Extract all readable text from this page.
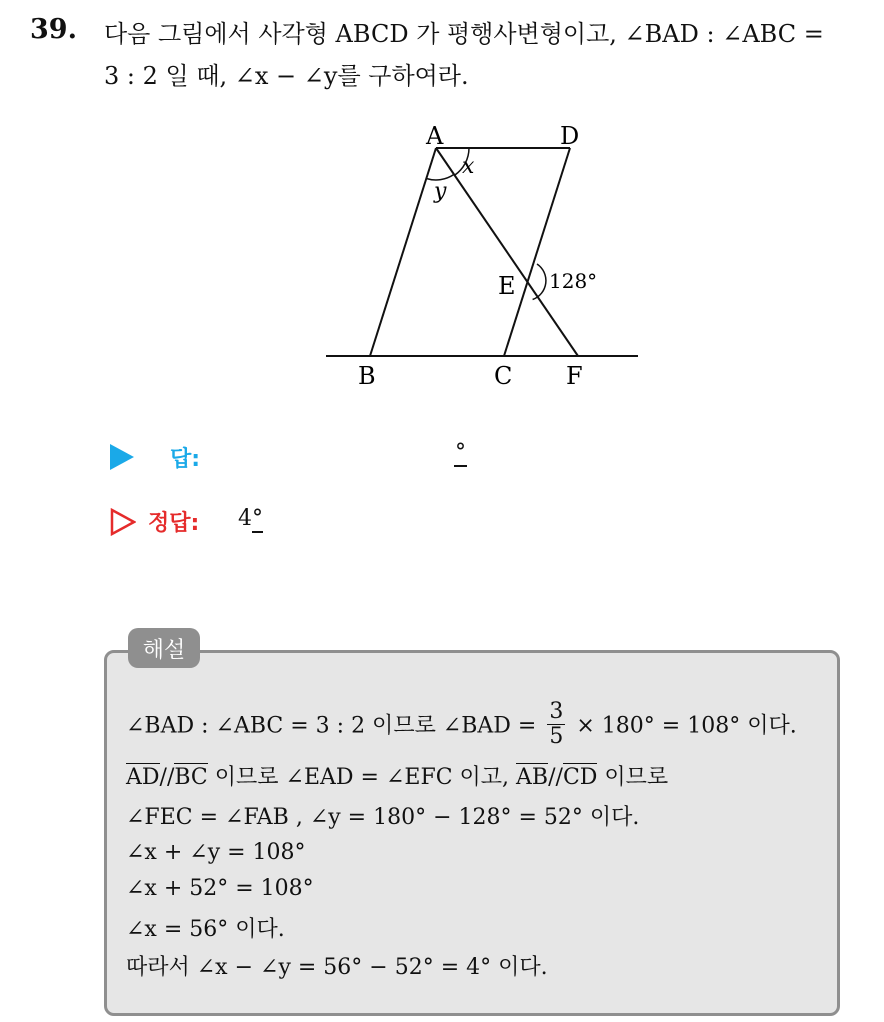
39. 다음 그림에서 사각형 ABCD 가 평행사변형이고, ∠BAD : ∠ABC =
3 : 2 일 때, ∠x − ∠y를 구하여라.
A	D
B	C F
E
x
y
128°
답:	°
정답: 4°
해설
∠BAD : ∠ABC = 3 : 2 이므로 ∠BAD = $\frac{3}{5} \times 180^\circ = 108^\circ$ 이다.
AD//BC 이므로 ∠EAD = ∠EFC 이고, AB//CD 이므로
∠FEC = ∠FAB , ∠y = 180° − 128° = 52° 이다.
∠x + ∠y = 108°
∠x + 52° = 108°
∠x = 56° 이다.
따라서 ∠x − ∠y = 56° − 52° = 4° 이다.
